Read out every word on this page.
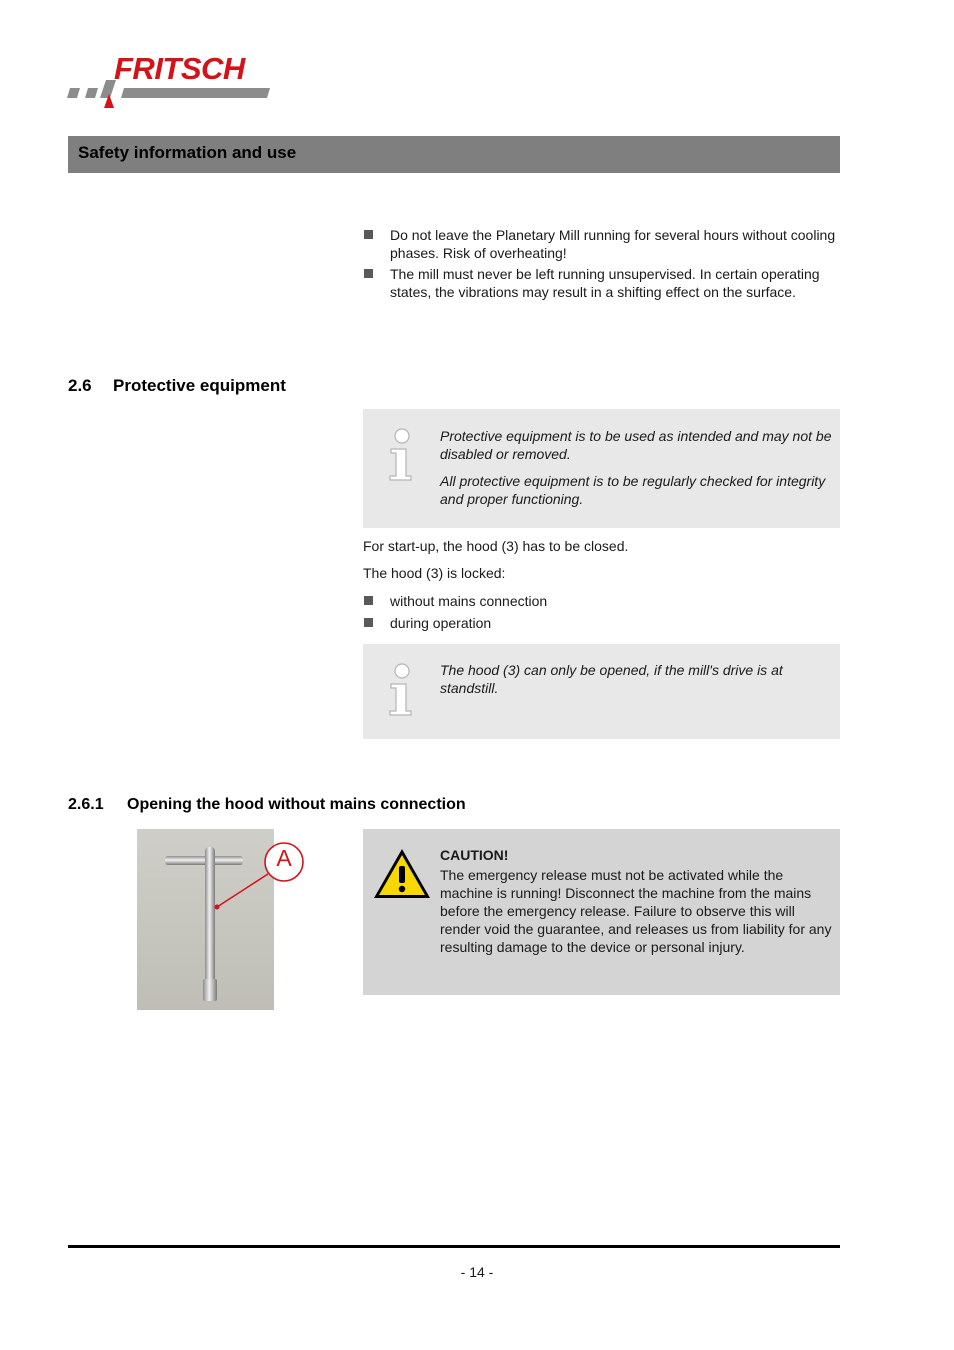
FRITSCH
Safety information and use
Do not leave the Planetary Mill running for several hours without cooling phases. Risk of overheating!
The mill must never be left running unsupervised. In certain operating states, the vibrations may result in a shifting effect on the surface.
2.6 Protective equipment

Protective equipment is to be used as intended and may not be disabled or removed.

All protective equipment is to be regularly checked for integrity and proper functioning.

For start-up, the hood (3) has to be closed.
The hood (3) is locked:
without mains connection
during operation

The hood (3) can only be opened, if the mill's drive is at standstill.

2.6.1 Opening the hood without mains connection
A	CAUTION!
The emergency release must not be activated while the machine is running! Disconnect the machine from the mains before the emergency release. Failure to observe this will render void the guarantee, and releases us from liability for any resulting damage to the device or personal injury.
- 14 -
